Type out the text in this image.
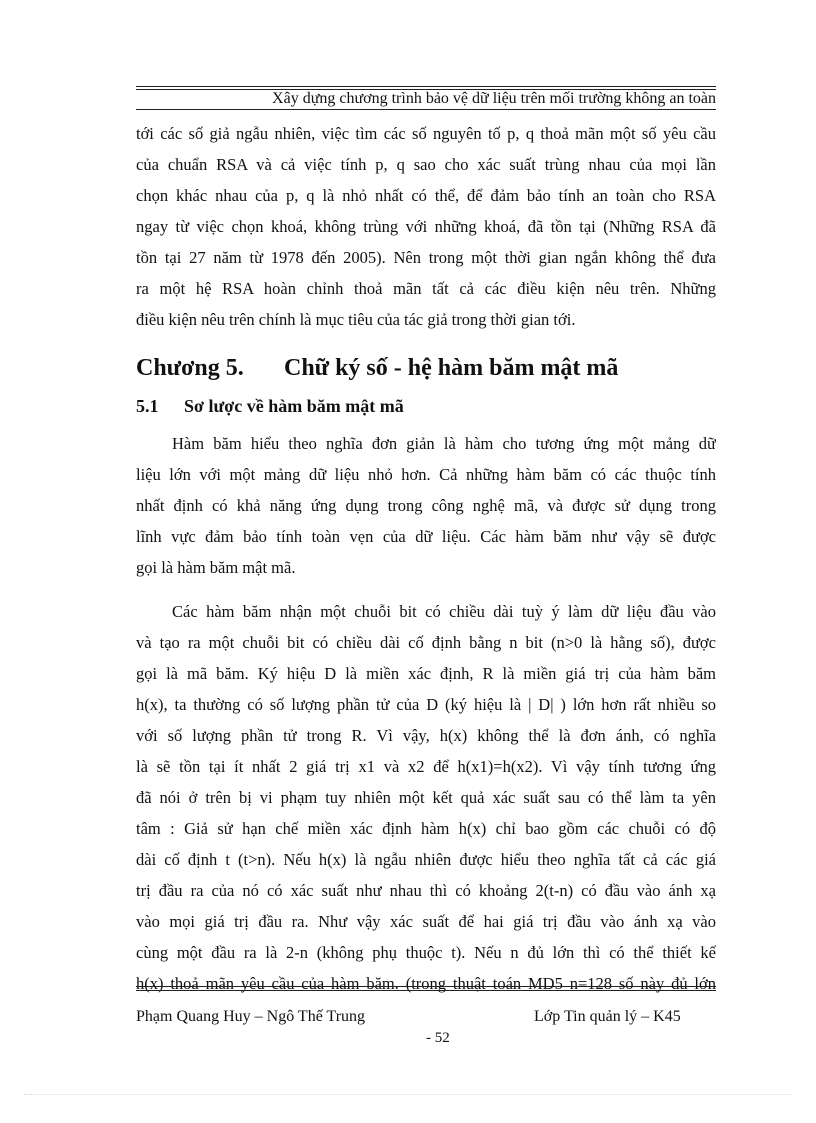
Xây dựng chương trình bảo vệ dữ liệu trên mối trường không an toàn
tới các số giả ngẫu nhiên, việc tìm các số nguyên tố p, q thoả mãn một số yêu cầu
của chuẩn RSA và cả việc tính p, q sao cho xác suất trùng nhau của mọi lần
chọn khác nhau của p, q là nhỏ nhất có thể, để đảm bảo tính an toàn cho RSA
ngay từ việc chọn khoá, không trùng với những khoá, đã tồn tại (Những RSA đã
tồn tại 27 năm từ 1978 đến 2005). Nên trong một thời gian ngắn không thể đưa
ra một hệ RSA hoàn chỉnh thoả mãn tất cả các điều kiện nêu trên. Những
điều kiện nêu trên chính là mục tiêu của tác giả trong thời gian tới.
Chương 5. Chữ ký số - hệ hàm băm mật mã
5.1 Sơ lược về hàm băm mật mã
Hàm băm hiểu theo nghĩa đơn giản là hàm cho tương ứng một mảng dữ
liệu lớn với một mảng dữ liệu nhỏ hơn. Cả những hàm băm có các thuộc tính
nhất định có khả năng ứng dụng trong công nghệ mã, và được sử dụng trong
lĩnh vực đảm bảo tính toàn vẹn của dữ liệu. Các hàm băm như vậy sẽ được
gọi là hàm băm mật mã.
Các hàm băm nhận một chuỗi bit có chiều dài tuỳ ý làm dữ liệu đầu vào
và tạo ra một chuỗi bit có chiều dài cố định bằng n bit (n>0 là hằng số), được
gọi là mã băm. Ký hiệu D là miền xác định, R là miền giá trị của hàm băm
h(x), ta thường có số lượng phần tử của D (ký hiệu là | D| ) lớn hơn rất nhiều so
với số lượng phần tử trong R. Vì vậy, h(x) không thể là đơn ánh, có nghĩa
là sẽ tồn tại ít nhất 2 giá trị x1 và x2 để h(x1)=h(x2). Vì vậy tính tương ứng
đã nói ở trên bị vi phạm tuy nhiên một kết quả xác suất sau có thể làm ta yên
tâm : Giả sử hạn chế miền xác định hàm h(x) chỉ bao gồm các chuỗi có độ
dài cố định t (t>n). Nếu h(x) là ngẫu nhiên được hiểu theo nghĩa tất cả các giá
trị đầu ra của nó có xác suất như nhau thì có khoảng 2(t-n) có đầu vào ánh xạ
vào mọi giá trị đầu ra. Như vậy xác suất để hai giá trị đầu vào ánh xạ vào
cùng một đầu ra là 2-n (không phụ thuộc t). Nếu n đủ lớn thì có thể thiết kế
h(x) thoả mãn yêu cầu của hàm băm. (trong thuật toán MD5 n=128 số này đủ lớn
Phạm Quang Huy – Ngô Thế Trung	Lớp Tin quản lý – K45
- 52
